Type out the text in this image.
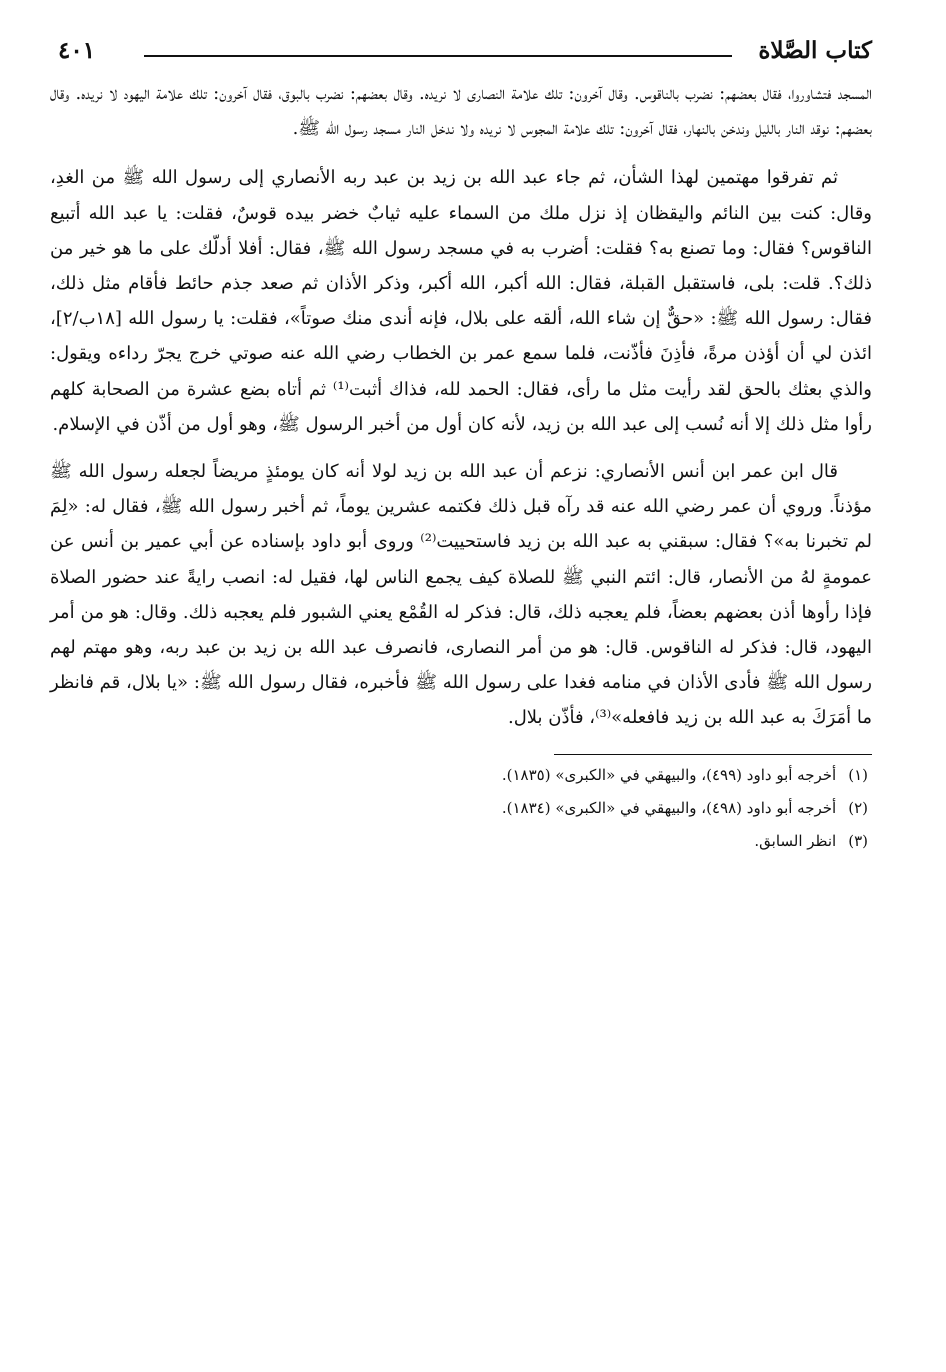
كتاب الصَّلاة
٤٠١

المسجد فتشاوروا، فقال بعضهم: نضرب بالناقوس. وقال آخرون: تلك علامة النصارى لا نريده. وقال بعضهم: نضرب بالبوق، فقال آخرون: تلك علامة اليهود لا نريده. وقال بعضهم: نوقد النار بالليل وندخن بالنهار، فقال آخرون: تلك علامة المجوس لا نريده ولا ندخل النار مسجد رسول الله ﷺ.

ثم تفرقوا مهتمين لهذا الشأن، ثم جاء عبد الله بن زيد بن عبد ربه الأنصاري إلى رسول الله ﷺ من الغدِ، وقال: كنت بين النائم واليقظان إذ نزل ملك من السماء عليه ثيابٌ خضر بيده قوسٌ، فقلت: يا عبد الله أتبيع الناقوس؟ فقال: وما تصنع به؟ فقلت: أضرب به في مسجد رسول الله ﷺ، فقال: أفلا أدلّك على ما هو خير من ذلك؟. قلت: بلى، فاستقبل القبلة، فقال: الله أكبر، الله أكبر، وذكر الأذان ثم صعد جذم حائط فأقام مثل ذلك، فقال: رسول الله ﷺ: «حقٌّ إن شاء الله، ألقه على بلال، فإنه أندى منك صوتاً»، فقلت: يا رسول الله [١٨ب/٢]، ائذن لي أن أؤذن مرةً، فأذِنَ فأذّنت، فلما سمع عمر بن الخطاب رضي الله عنه صوتي خرج يجرّ رداءه ويقول: والذي بعثك بالحق لقد رأيت مثل ما رأى، فقال: الحمد لله، فذاك أثبت⁽¹⁾ ثم أتاه بضع عشرة من الصحابة كلهم رأوا مثل ذلك إلا أنه نُسب إلى عبد الله بن زيد، لأنه كان أول من أخبر الرسول ﷺ، وهو أول من أذّن في الإسلام.

قال ابن عمر ابن أنس الأنصاري: نزعم أن عبد الله بن زيد لولا أنه كان يومئذٍ مريضاً لجعله رسول الله ﷺ مؤذناً. وروي أن عمر رضي الله عنه قد رآه قبل ذلك فكتمه عشرين يوماً، ثم أخبر رسول الله ﷺ، فقال له: «لِمَ لم تخبرنا به»؟ فقال: سبقني به عبد الله بن زيد فاستحييت⁽²⁾ وروى أبو داود بإسناده عن أبي عمير بن أنس عن عمومةٍ لهُ من الأنصار، قال: ائتم النبي ﷺ للصلاة كيف يجمع الناس لها، فقيل له: انصب رايةً عند حضور الصلاة فإذا رأوها أذن بعضهم بعضاً، فلم يعجبه ذلك، قال: فذكر له القُمْع يعني الشبور فلم يعجبه ذلك. وقال: هو من أمر اليهود، قال: فذكر له الناقوس. قال: هو من أمر النصارى، فانصرف عبد الله بن زيد بن عبد ربه، وهو مهتم لهم رسول الله ﷺ فأدى الأذان في منامه فغدا على رسول الله ﷺ فأخبره، فقال رسول الله ﷺ: «يا بلال، قم فانظر ما أمَرَكَ به عبد الله بن زيد فافعله»⁽³⁾، فأذّن بلال.

(١)أخرجه أبو داود (٤٩٩)، والبيهقي في «الكبرى» (١٨٣٥).

(٢)أخرجه أبو داود (٤٩٨)، والبيهقي في «الكبرى» (١٨٣٤).

(٣)انظر السابق.
